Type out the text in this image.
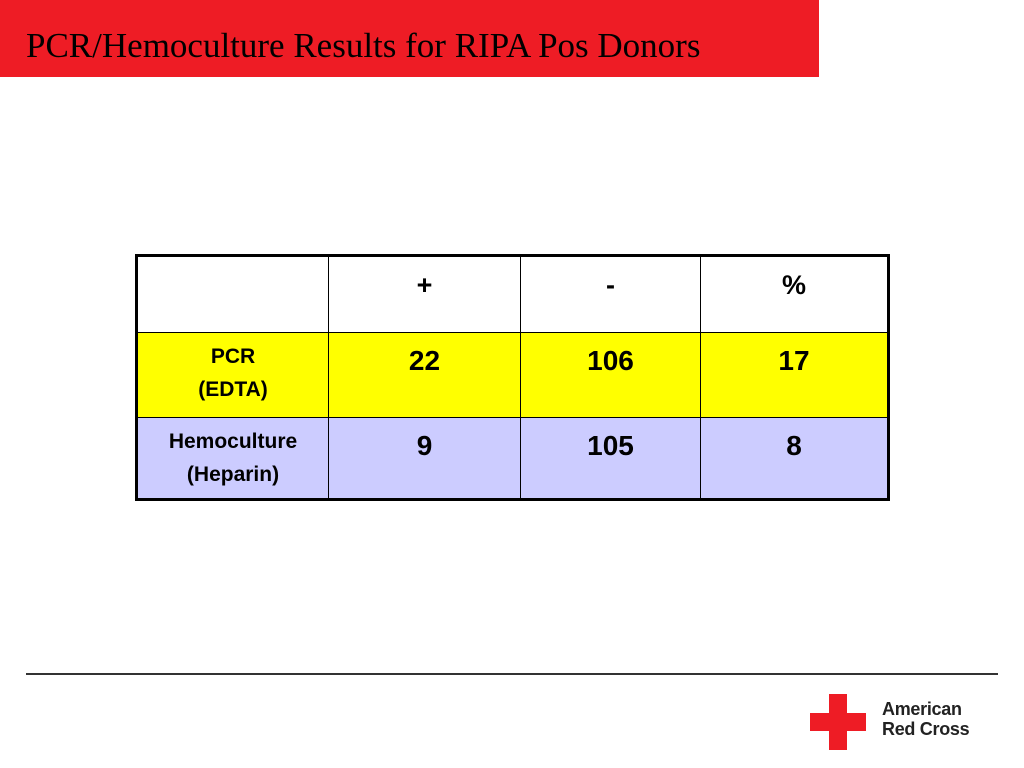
PCR/Hemoculture Results for RIPA Pos Donors
	+	-	%

PCR
(EDTA)	22	106	17

Hemoculture
(Heparin)	9	105	8
American
Red Cross
